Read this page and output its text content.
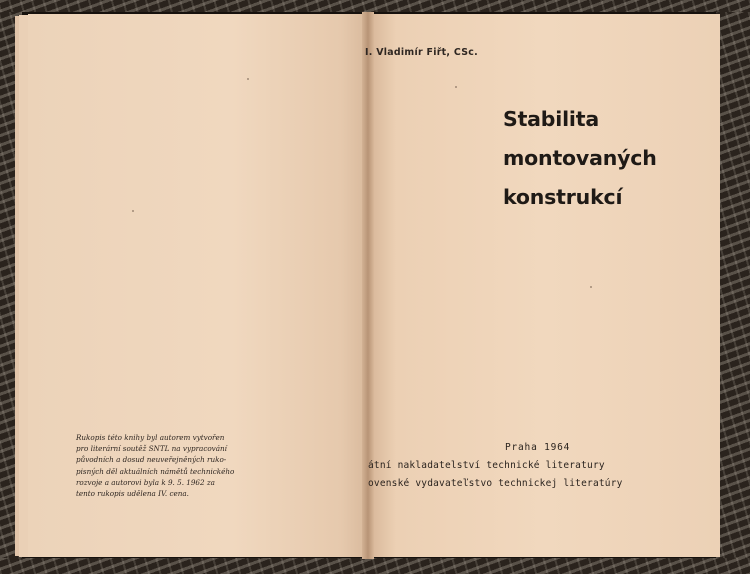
Rukopis této knihy byl autorem vytvořen
pro literární soutěž SNTL na vypracování
původních a dosud neuveřejněných ruko-
pisných děl aktuálních námětů technického
rozvoje a autorovi byla k 9. 5. 1962 za
tento rukopis udělena IV. cena.
I. Vladimír Fiřt, CSc.
Stabilita
montovaných
konstrukcí
Praha 1964
átní nakladatelství technické literatury
ovenské vydavateľstvo technickej literatúry
